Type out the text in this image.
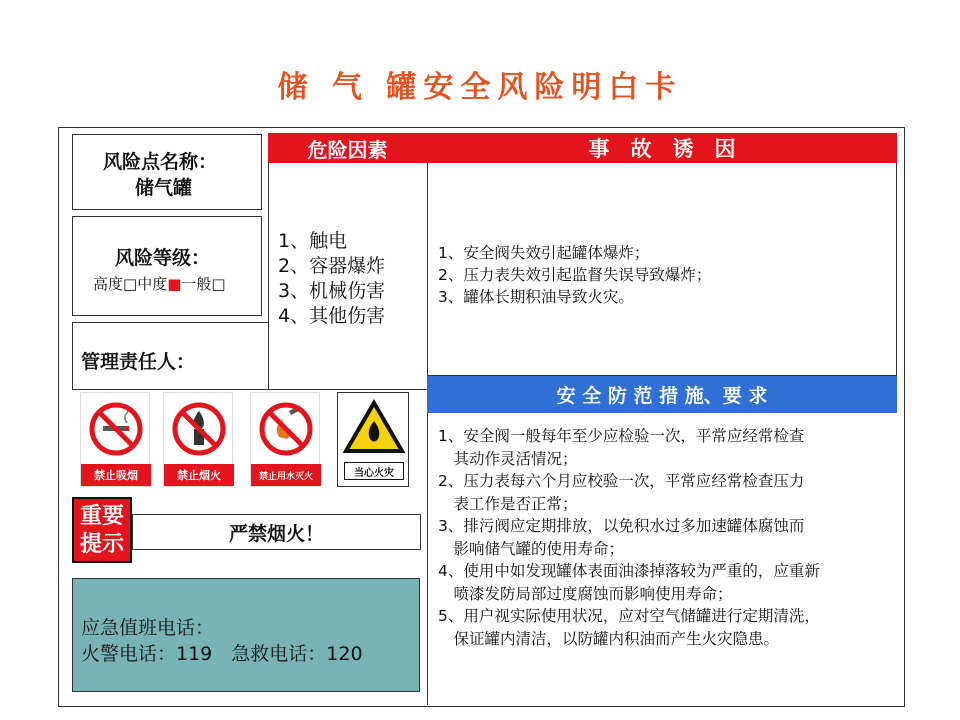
储 气 罐安全风险明白卡
风险点名称：
储气罐
风险等级：
高度□中度■一般□
管理责任人：
危险因素
1、触电
2、容器爆炸
3、机械伤害
4、其他伤害
事　故　诱　因
1、安全阀失效引起罐体爆炸；
2、压力表失效引起监督失误导致爆炸；
3、罐体长期积油导致火灾。
安 全 防 范 措 施、要 求
1、安全阀一般每年至少应检验一次，平常应经常检查
　其动作灵活情况；
2、压力表每六个月应校验一次，平常应经常检查压力
　表工作是否正常；
3、排污阀应定期排放，以免积水过多加速罐体腐蚀而
　影响储气罐的使用寿命；
4、使用中如发现罐体表面油漆掉落较为严重的，应重新
　喷漆发防局部过度腐蚀而影响使用寿命；
5、用户视实际使用状况，应对空气储罐进行定期清洗，
　保证罐内清洁，以防罐内积油而产生火灾隐患。
禁止吸烟	禁止烟火	禁止用水灭火	当心火灾
重要
提示	严禁烟火！
应急值班电话：
火警电话：119　急救电话：120
